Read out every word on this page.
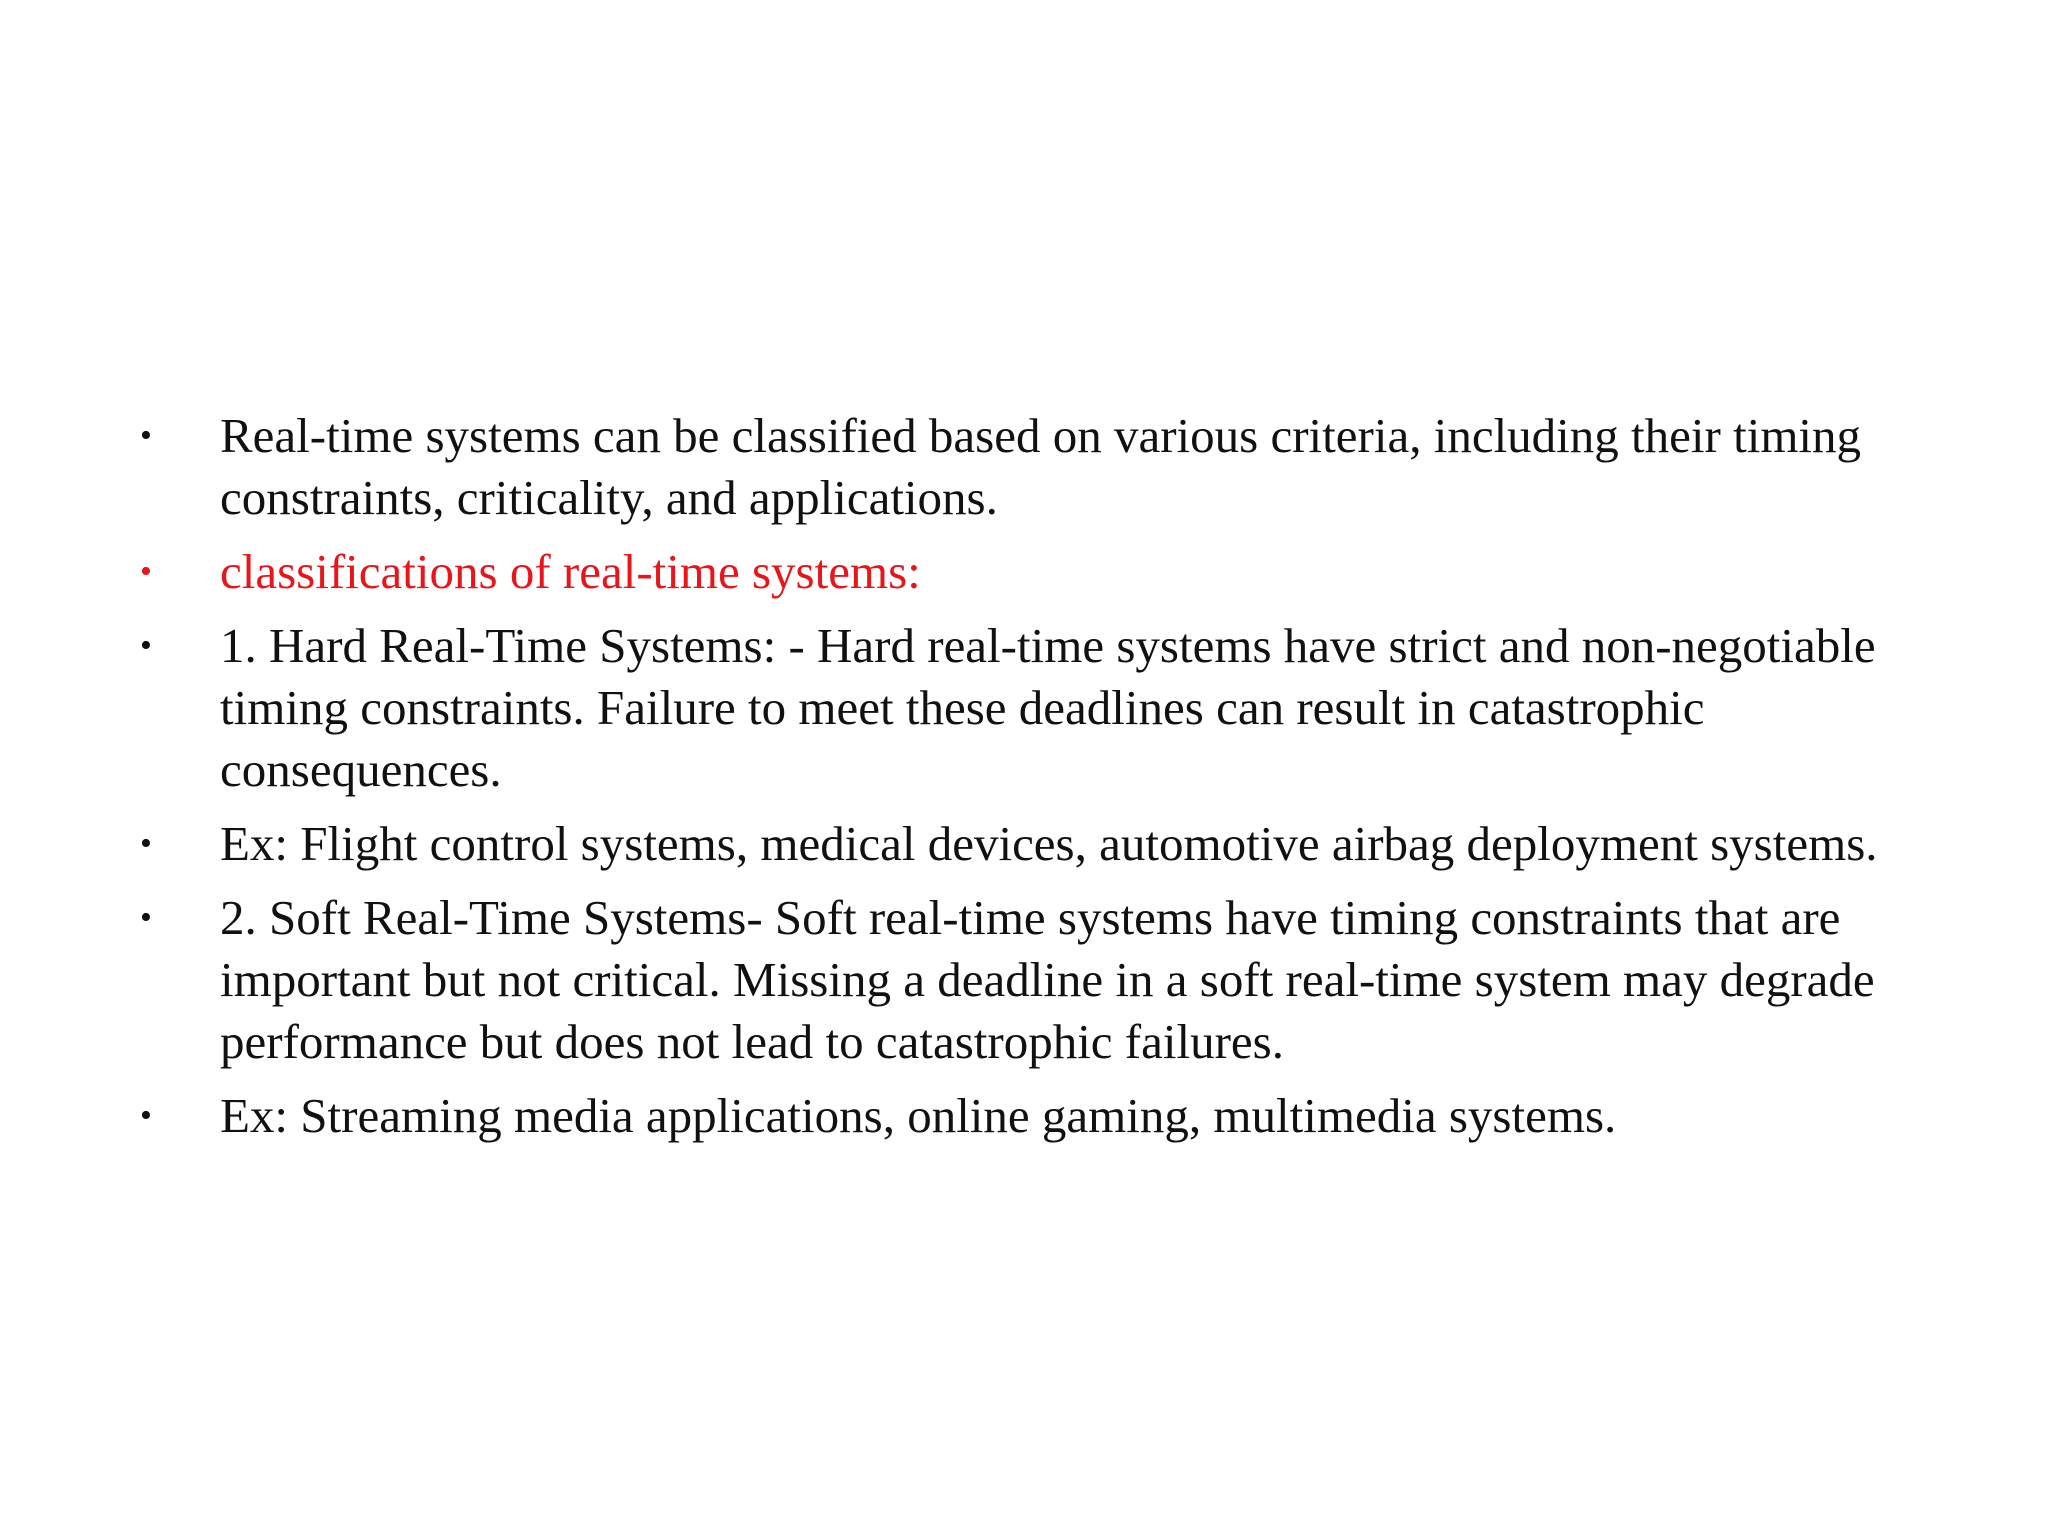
•	Real-time systems can be classified based on various criteria, including their timing constraints, criticality, and applications.
•	classifications of real-time systems:
•	1. Hard Real-Time Systems: - Hard real-time systems have strict and non-negotiable timing constraints. Failure to meet these deadlines can result in catastrophic consequences.
•	Ex: Flight control systems, medical devices, automotive airbag deployment systems.
•	2. Soft Real-Time Systems- Soft real-time systems have timing constraints that are important but not critical. Missing a deadline in a soft real-time system may degrade performance but does not lead to catastrophic failures.
•	Ex: Streaming media applications, online gaming, multimedia systems.
